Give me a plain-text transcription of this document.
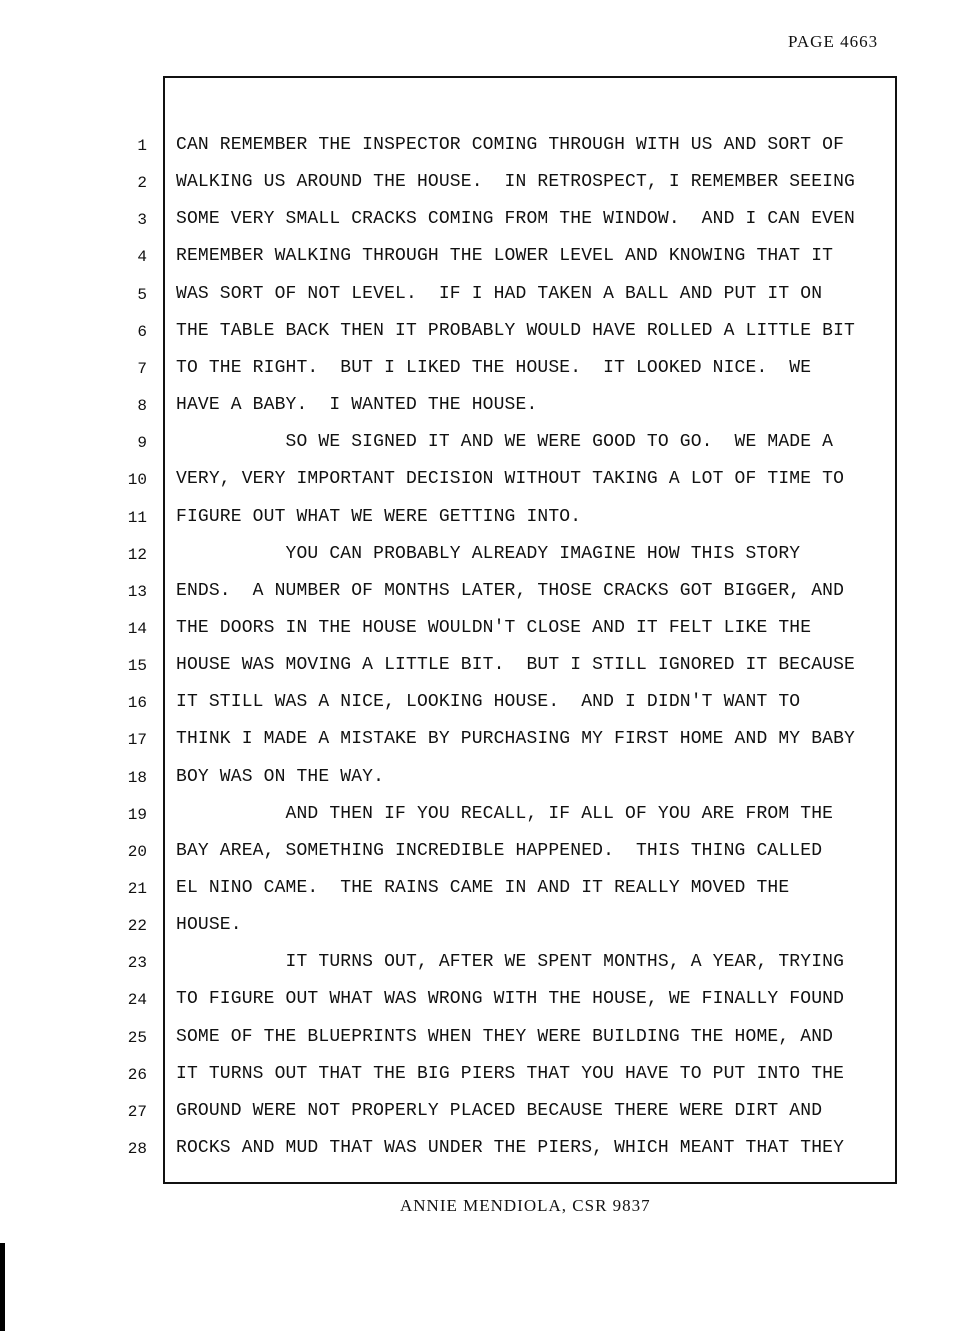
PAGE 4663
1 CAN REMEMBER THE INSPECTOR COMING THROUGH WITH US AND SORT OF
2 WALKING US AROUND THE HOUSE.  IN RETROSPECT, I REMEMBER SEEING
3 SOME VERY SMALL CRACKS COMING FROM THE WINDOW.  AND I CAN EVEN
4 REMEMBER WALKING THROUGH THE LOWER LEVEL AND KNOWING THAT IT
5 WAS SORT OF NOT LEVEL.  IF I HAD TAKEN A BALL AND PUT IT ON
6 THE TABLE BACK THEN IT PROBABLY WOULD HAVE ROLLED A LITTLE BIT
7 TO THE RIGHT.  BUT I LIKED THE HOUSE.  IT LOOKED NICE.  WE
8 HAVE A BABY.  I WANTED THE HOUSE.
9 SO WE SIGNED IT AND WE WERE GOOD TO GO.  WE MADE A
10 VERY, VERY IMPORTANT DECISION WITHOUT TAKING A LOT OF TIME TO
11 FIGURE OUT WHAT WE WERE GETTING INTO.
12 YOU CAN PROBABLY ALREADY IMAGINE HOW THIS STORY
13 ENDS.  A NUMBER OF MONTHS LATER, THOSE CRACKS GOT BIGGER, AND
14 THE DOORS IN THE HOUSE WOULDN'T CLOSE AND IT FELT LIKE THE
15 HOUSE WAS MOVING A LITTLE BIT.  BUT I STILL IGNORED IT BECAUSE
16 IT STILL WAS A NICE, LOOKING HOUSE.  AND I DIDN'T WANT TO
17 THINK I MADE A MISTAKE BY PURCHASING MY FIRST HOME AND MY BABY
18 BOY WAS ON THE WAY.
19 AND THEN IF YOU RECALL, IF ALL OF YOU ARE FROM THE
20 BAY AREA, SOMETHING INCREDIBLE HAPPENED.  THIS THING CALLED
21 EL NINO CAME.  THE RAINS CAME IN AND IT REALLY MOVED THE
22 HOUSE.
23 IT TURNS OUT, AFTER WE SPENT MONTHS, A YEAR, TRYING
24 TO FIGURE OUT WHAT WAS WRONG WITH THE HOUSE, WE FINALLY FOUND
25 SOME OF THE BLUEPRINTS WHEN THEY WERE BUILDING THE HOME, AND
26 IT TURNS OUT THAT THE BIG PIERS THAT YOU HAVE TO PUT INTO THE
27 GROUND WERE NOT PROPERLY PLACED BECAUSE THERE WERE DIRT AND
28 ROCKS AND MUD THAT WAS UNDER THE PIERS, WHICH MEANT THAT THEY
ANNIE MENDIOLA, CSR 9837
